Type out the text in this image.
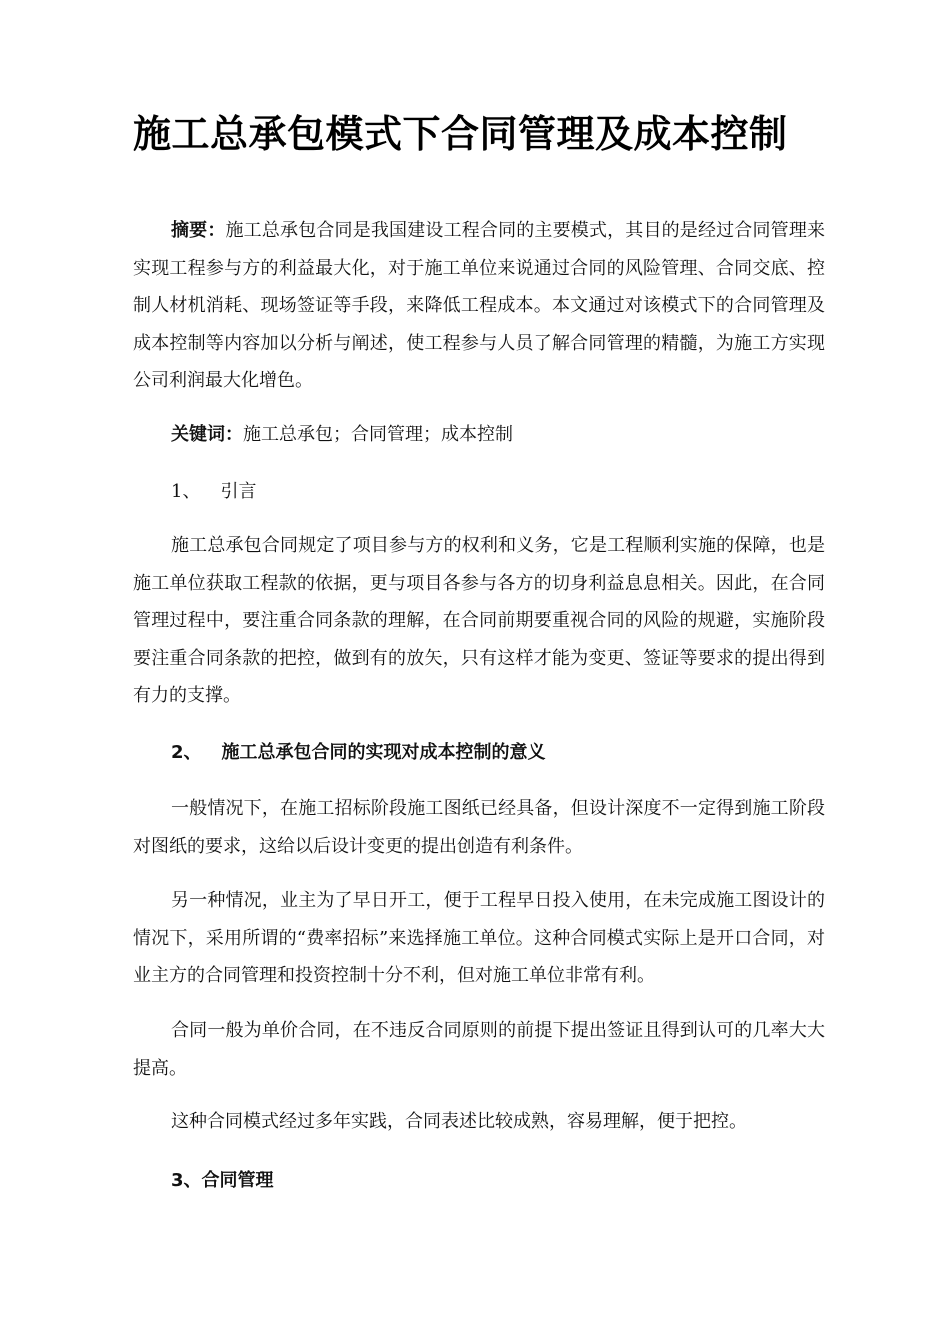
施工总承包模式下合同管理及成本控制

摘要：施工总承包合同是我国建设工程合同的主要模式，其目的是经过合同管理来实现工程参与方的利益最大化，对于施工单位来说通过合同的风险管理、合同交底、控制人材机消耗、现场签证等手段，来降低工程成本。本文通过对该模式下的合同管理及成本控制等内容加以分析与阐述，使工程参与人员了解合同管理的精髓，为施工方实现公司利润最大化增色。

关键词：施工总承包；合同管理；成本控制

1、 引言

施工总承包合同规定了项目参与方的权利和义务，它是工程顺利实施的保障，也是施工单位获取工程款的依据，更与项目各参与各方的切身利益息息相关。因此，在合同管理过程中，要注重合同条款的理解，在合同前期要重视合同的风险的规避，实施阶段要注重合同条款的把控，做到有的放矢，只有这样才能为变更、签证等要求的提出得到有力的支撑。

2、 施工总承包合同的实现对成本控制的意义

一般情况下，在施工招标阶段施工图纸已经具备，但设计深度不一定得到施工阶段对图纸的要求，这给以后设计变更的提出创造有利条件。

另一种情况，业主为了早日开工，便于工程早日投入使用，在未完成施工图设计的情况下，采用所谓的“费率招标”来选择施工单位。这种合同模式实际上是开口合同，对业主方的合同管理和投资控制十分不利，但对施工单位非常有利。

合同一般为单价合同，在不违反合同原则的前提下提出签证且得到认可的几率大大提高。

这种合同模式经过多年实践，合同表述比较成熟，容易理解，便于把控。

3、合同管理
